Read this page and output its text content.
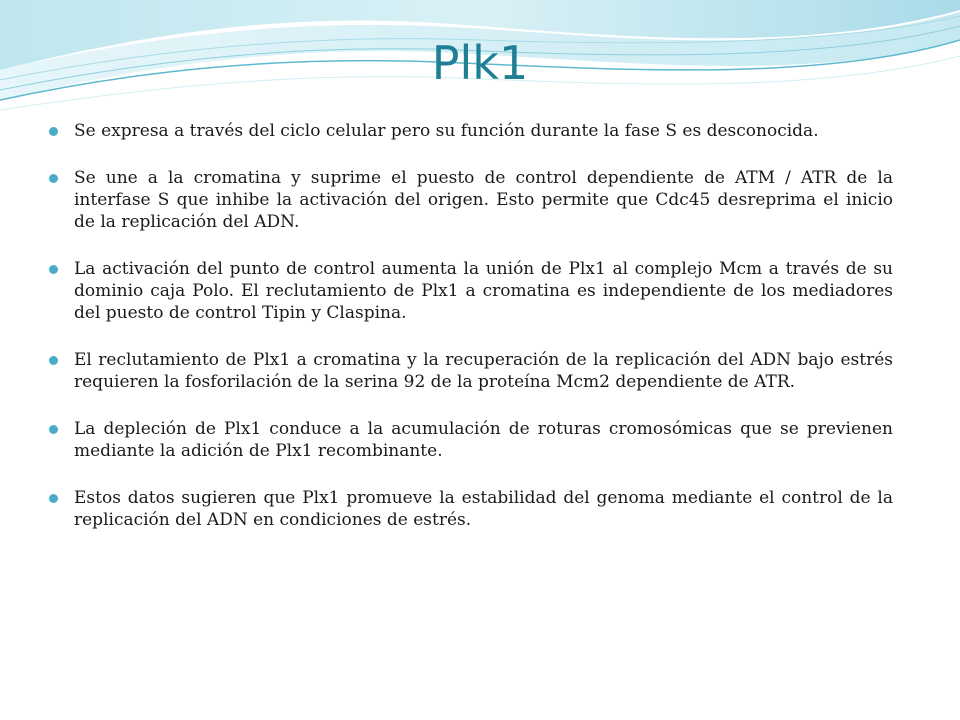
Plk1
Se expresa a través del ciclo celular pero su función durante la fase S es desconocida.
Se une a la cromatina y suprime el puesto de control dependiente de ATM / ATR de la interfase S que inhibe la activación del origen. Esto permite que Cdc45 desreprima el inicio de la replicación del ADN.
La activación del punto de control aumenta la unión de Plx1 al complejo Mcm a través de su dominio caja Polo. El reclutamiento de Plx1 a cromatina es independiente de los mediadores del puesto de control Tipin y Claspina.
El reclutamiento de Plx1 a cromatina y la recuperación de la replicación del ADN bajo estrés requieren la fosforilación de la serina 92 de la proteína Mcm2 dependiente de ATR.
La depleción de Plx1 conduce a la acumulación de roturas cromosómicas que se previenen mediante la adición de Plx1 recombinante.
Estos datos sugieren que Plx1 promueve la estabilidad del genoma mediante el control de la replicación del ADN en condiciones de estrés.
